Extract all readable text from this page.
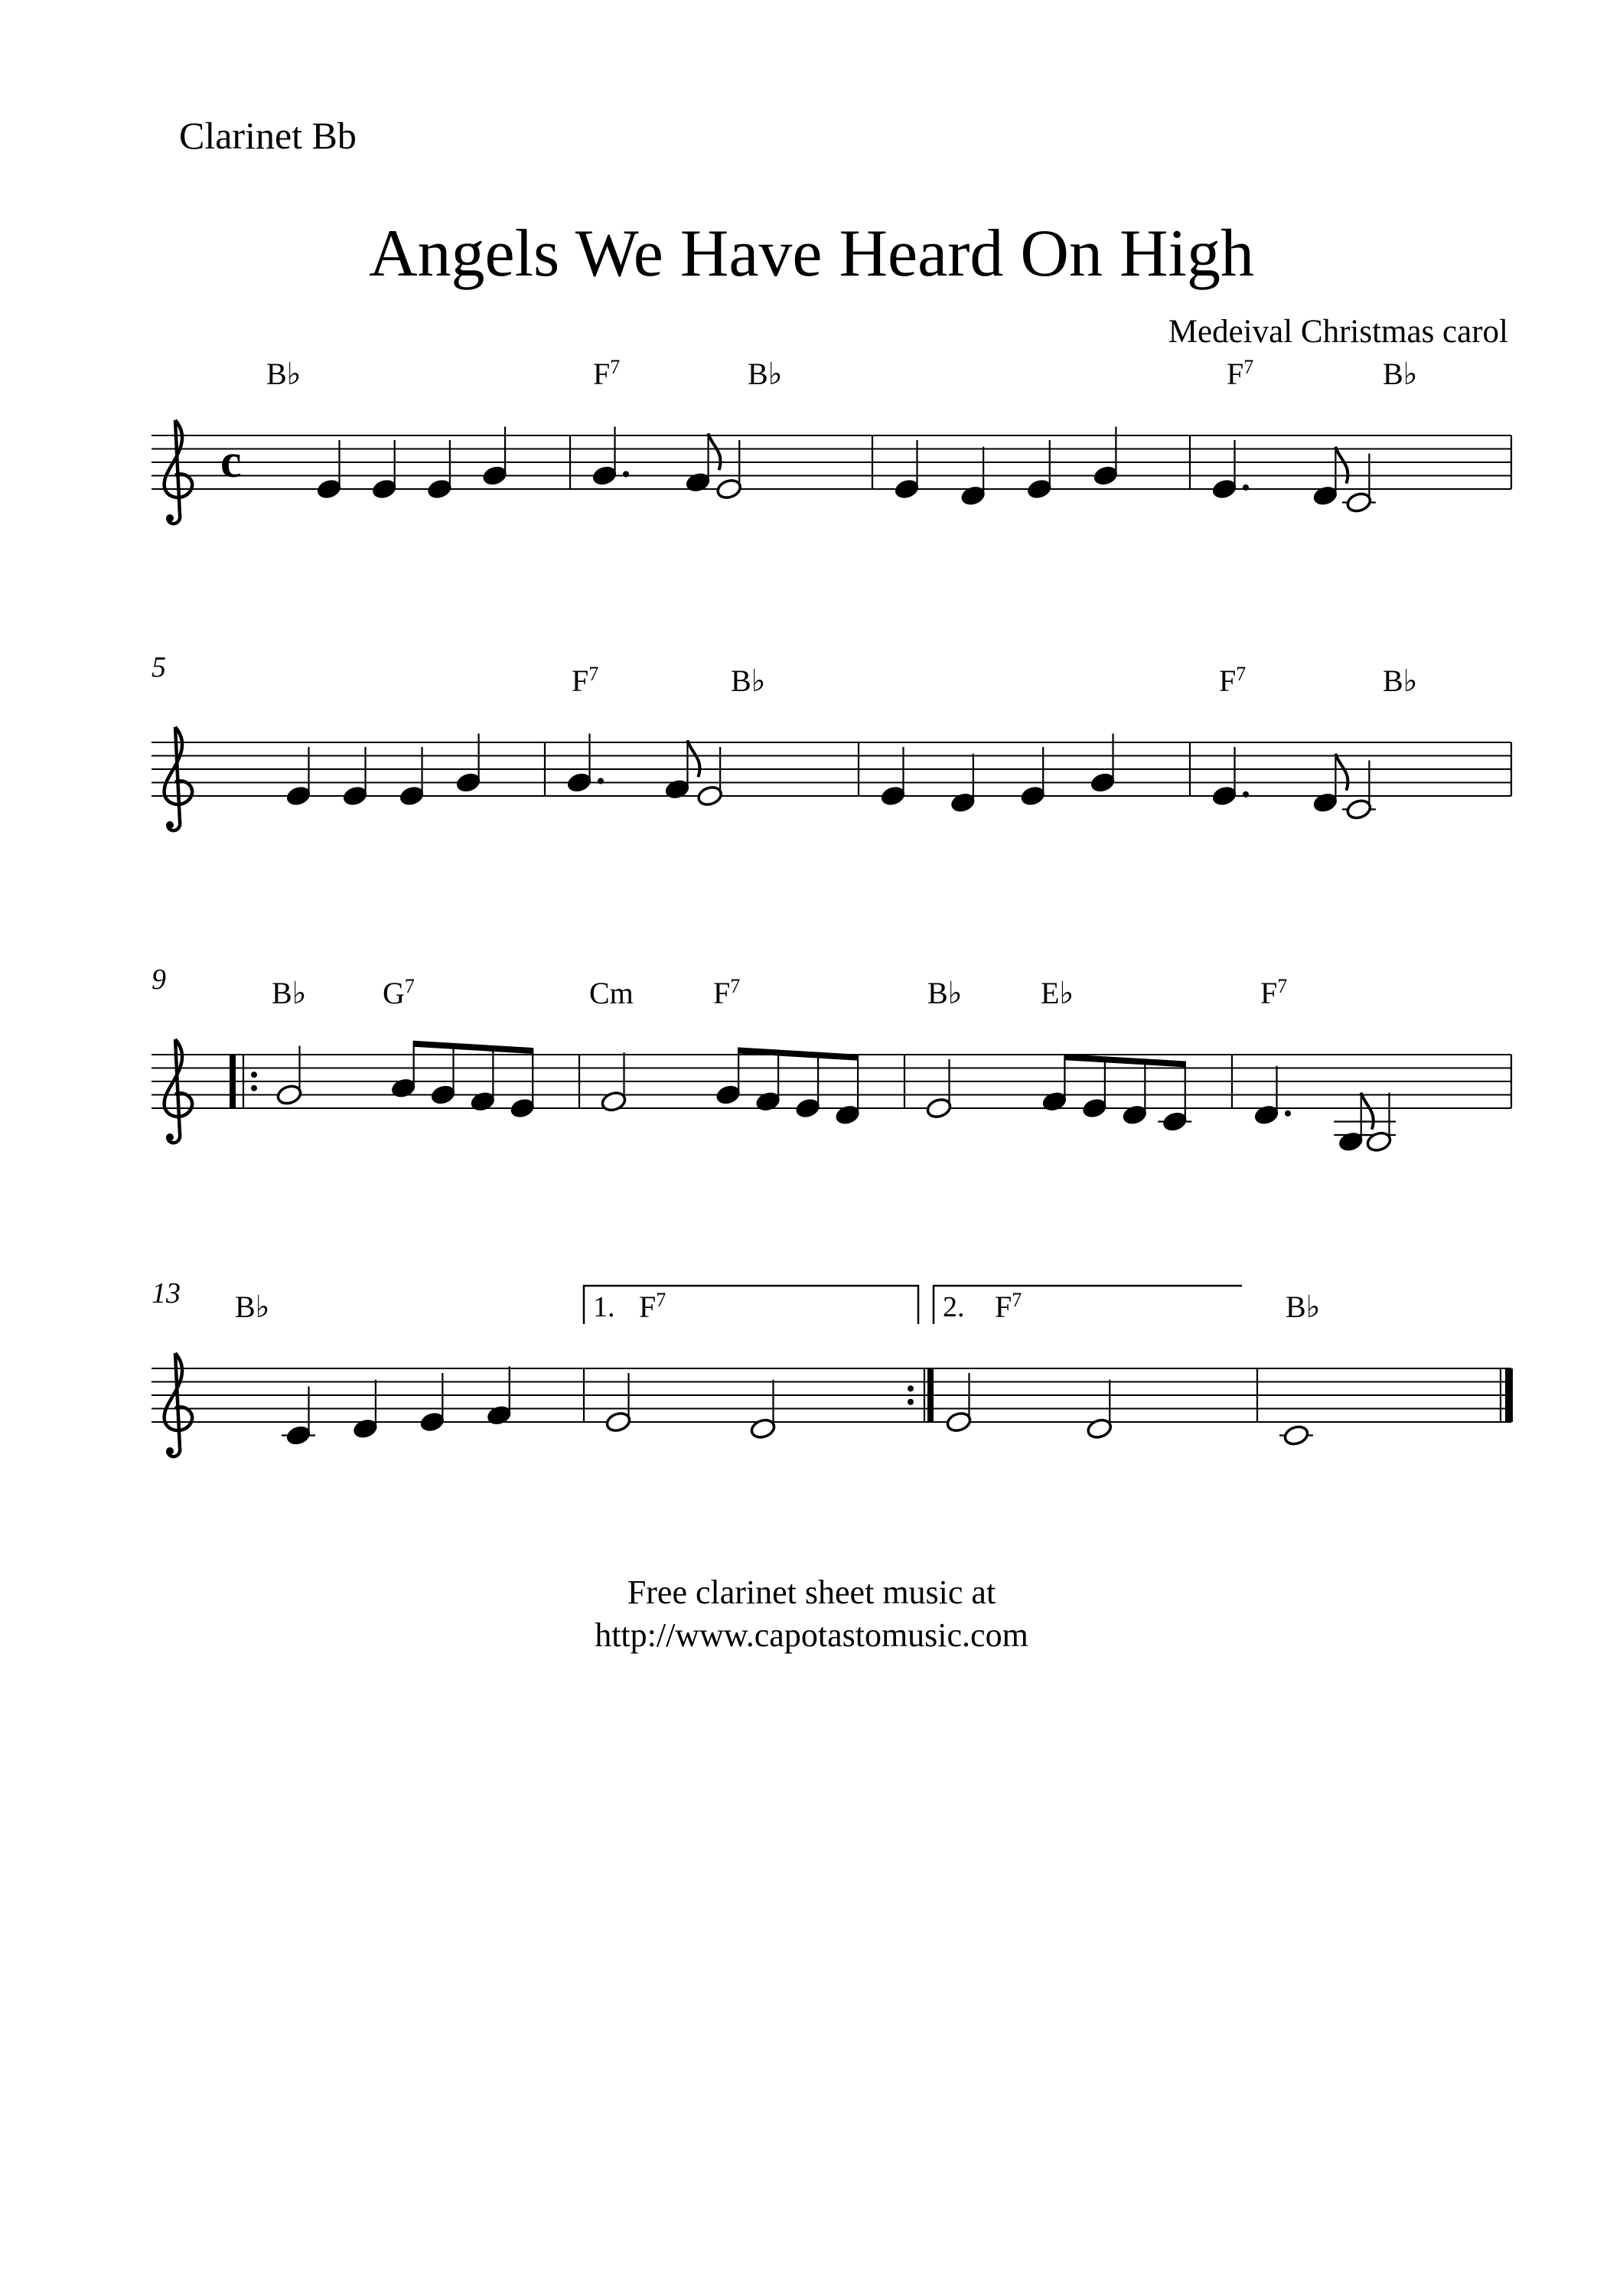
Clarinet Bb
Angels We Have Heard On High
Medeival Christmas carol
c
B♭	$F^7$	B♭	$F^7$	B♭
5	$F^7$	B♭	$F^7$	B♭
9	B♭ $G^7$	Cm	$F^7$	B♭	E♭	$F^7$
13 B♭	$F^7$	$F^7$	B♭
1.	2.
Free clarinet sheet music at
http://www.capotastomusic.com
